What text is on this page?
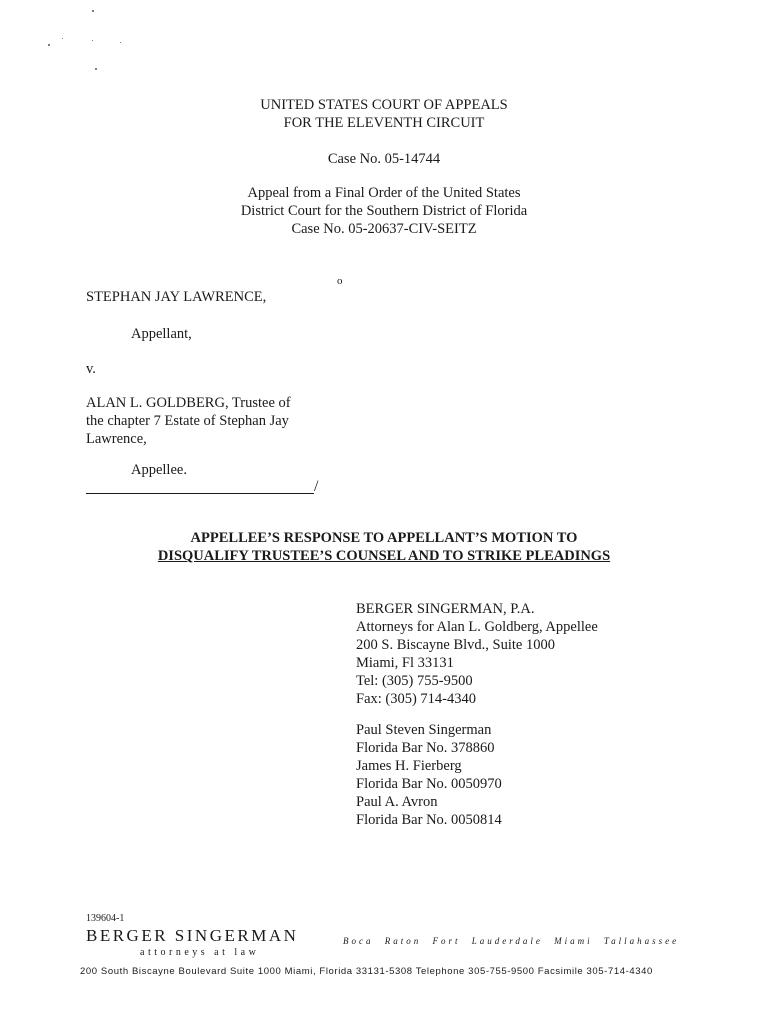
UNITED STATES COURT OF APPEALS
FOR THE ELEVENTH CIRCUIT
Case No. 05-14744
Appeal from a Final Order of the United States
District Court for the Southern District of Florida
Case No. 05-20637-CIV-SEITZ
o
STEPHAN JAY LAWRENCE,
Appellant,
v.
ALAN L. GOLDBERG, Trustee of
the chapter 7 Estate of Stephan Jay
Lawrence,
Appellee.
/
APPELLEE’S RESPONSE TO APPELLANT’S MOTION TO
DISQUALIFY TRUSTEE’S COUNSEL AND TO STRIKE PLEADINGS
BERGER SINGERMAN, P.A.
Attorneys for Alan L. Goldberg, Appellee
200 S. Biscayne Blvd., Suite 1000
Miami, Fl 33131
Tel: (305) 755-9500
Fax: (305) 714-4340
Paul Steven Singerman
Florida Bar No. 378860
James H. Fierberg
Florida Bar No. 0050970
Paul A. Avron
Florida Bar No. 0050814
139604-1
BERGER SINGERMAN
attorneys at law
Boca Raton Fort Lauderdale Miami Tallahassee
200 South Biscayne Boulevard Suite 1000 Miami, Florida 33131-5308 Telephone 305-755-9500 Facsimile 305-714-4340
